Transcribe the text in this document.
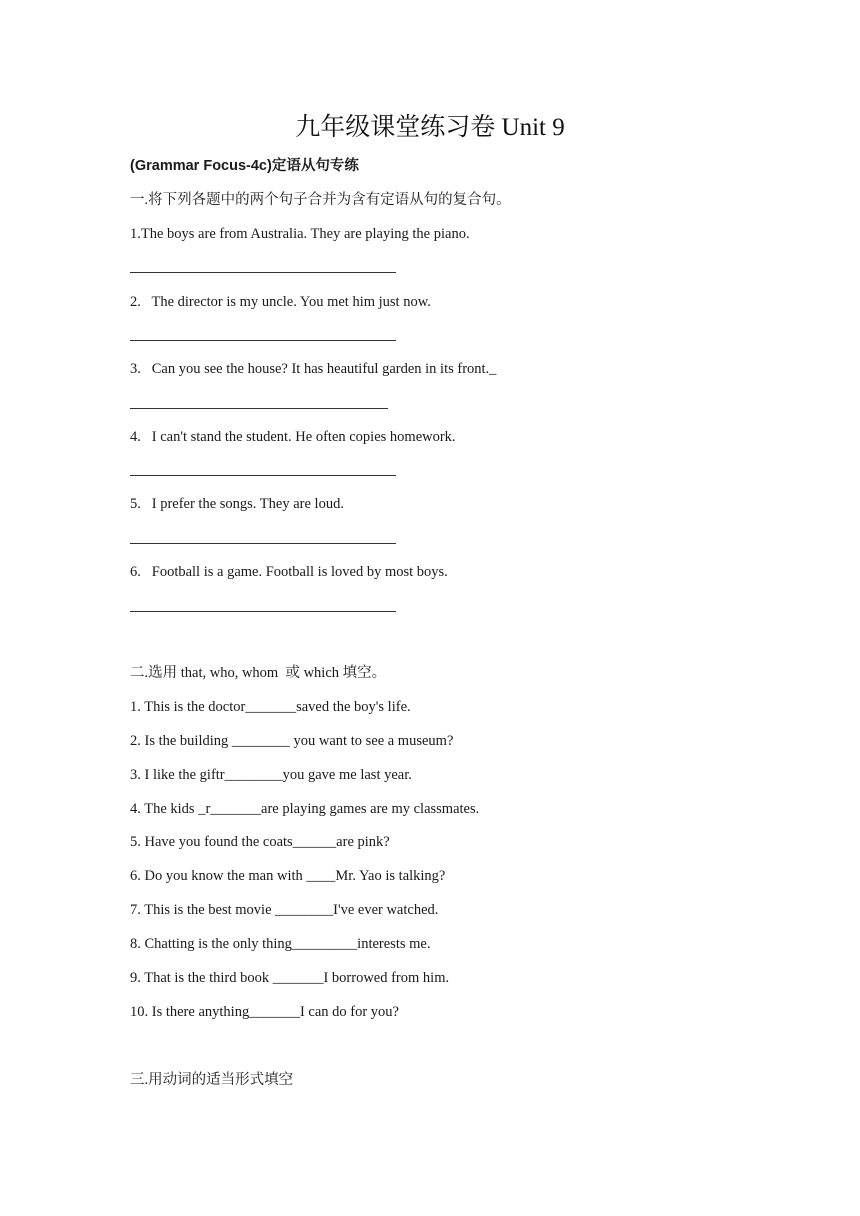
九年级课堂练习卷 Unit 9
(Grammar Focus-4c)定语从句专练
一.将下列各题中的两个句子合并为含有定语从句的复合句。
1.The boys are from Australia. They are playing the piano.
2.   The director is my uncle. You met him just now.
3.   Can you see the house? It has heautiful garden in its front._
4.   I can't stand the student. He often copies homework.
5.   I prefer the songs. They are loud.
6.   Football is a game. Football is loved by most boys.
二.选用 that, who, whom  或 which 填空。
1. This is the doctor_______saved the boy's life.
2. Is the building ________ you want to see a museum?
3. I like the giftr________you gave me last year.
4. The kids _r_______are playing games are my classmates.
5. Have you found the coats______are pink?
6. Do you know the man with ____Mr. Yao is talking?
7. This is the best movie ________I've ever watched.
8. Chatting is the only thing_________interests me.
9. That is the third book _______I borrowed from him.
10. Is there anything_______I can do for you?
三.用动词的适当形式填空
